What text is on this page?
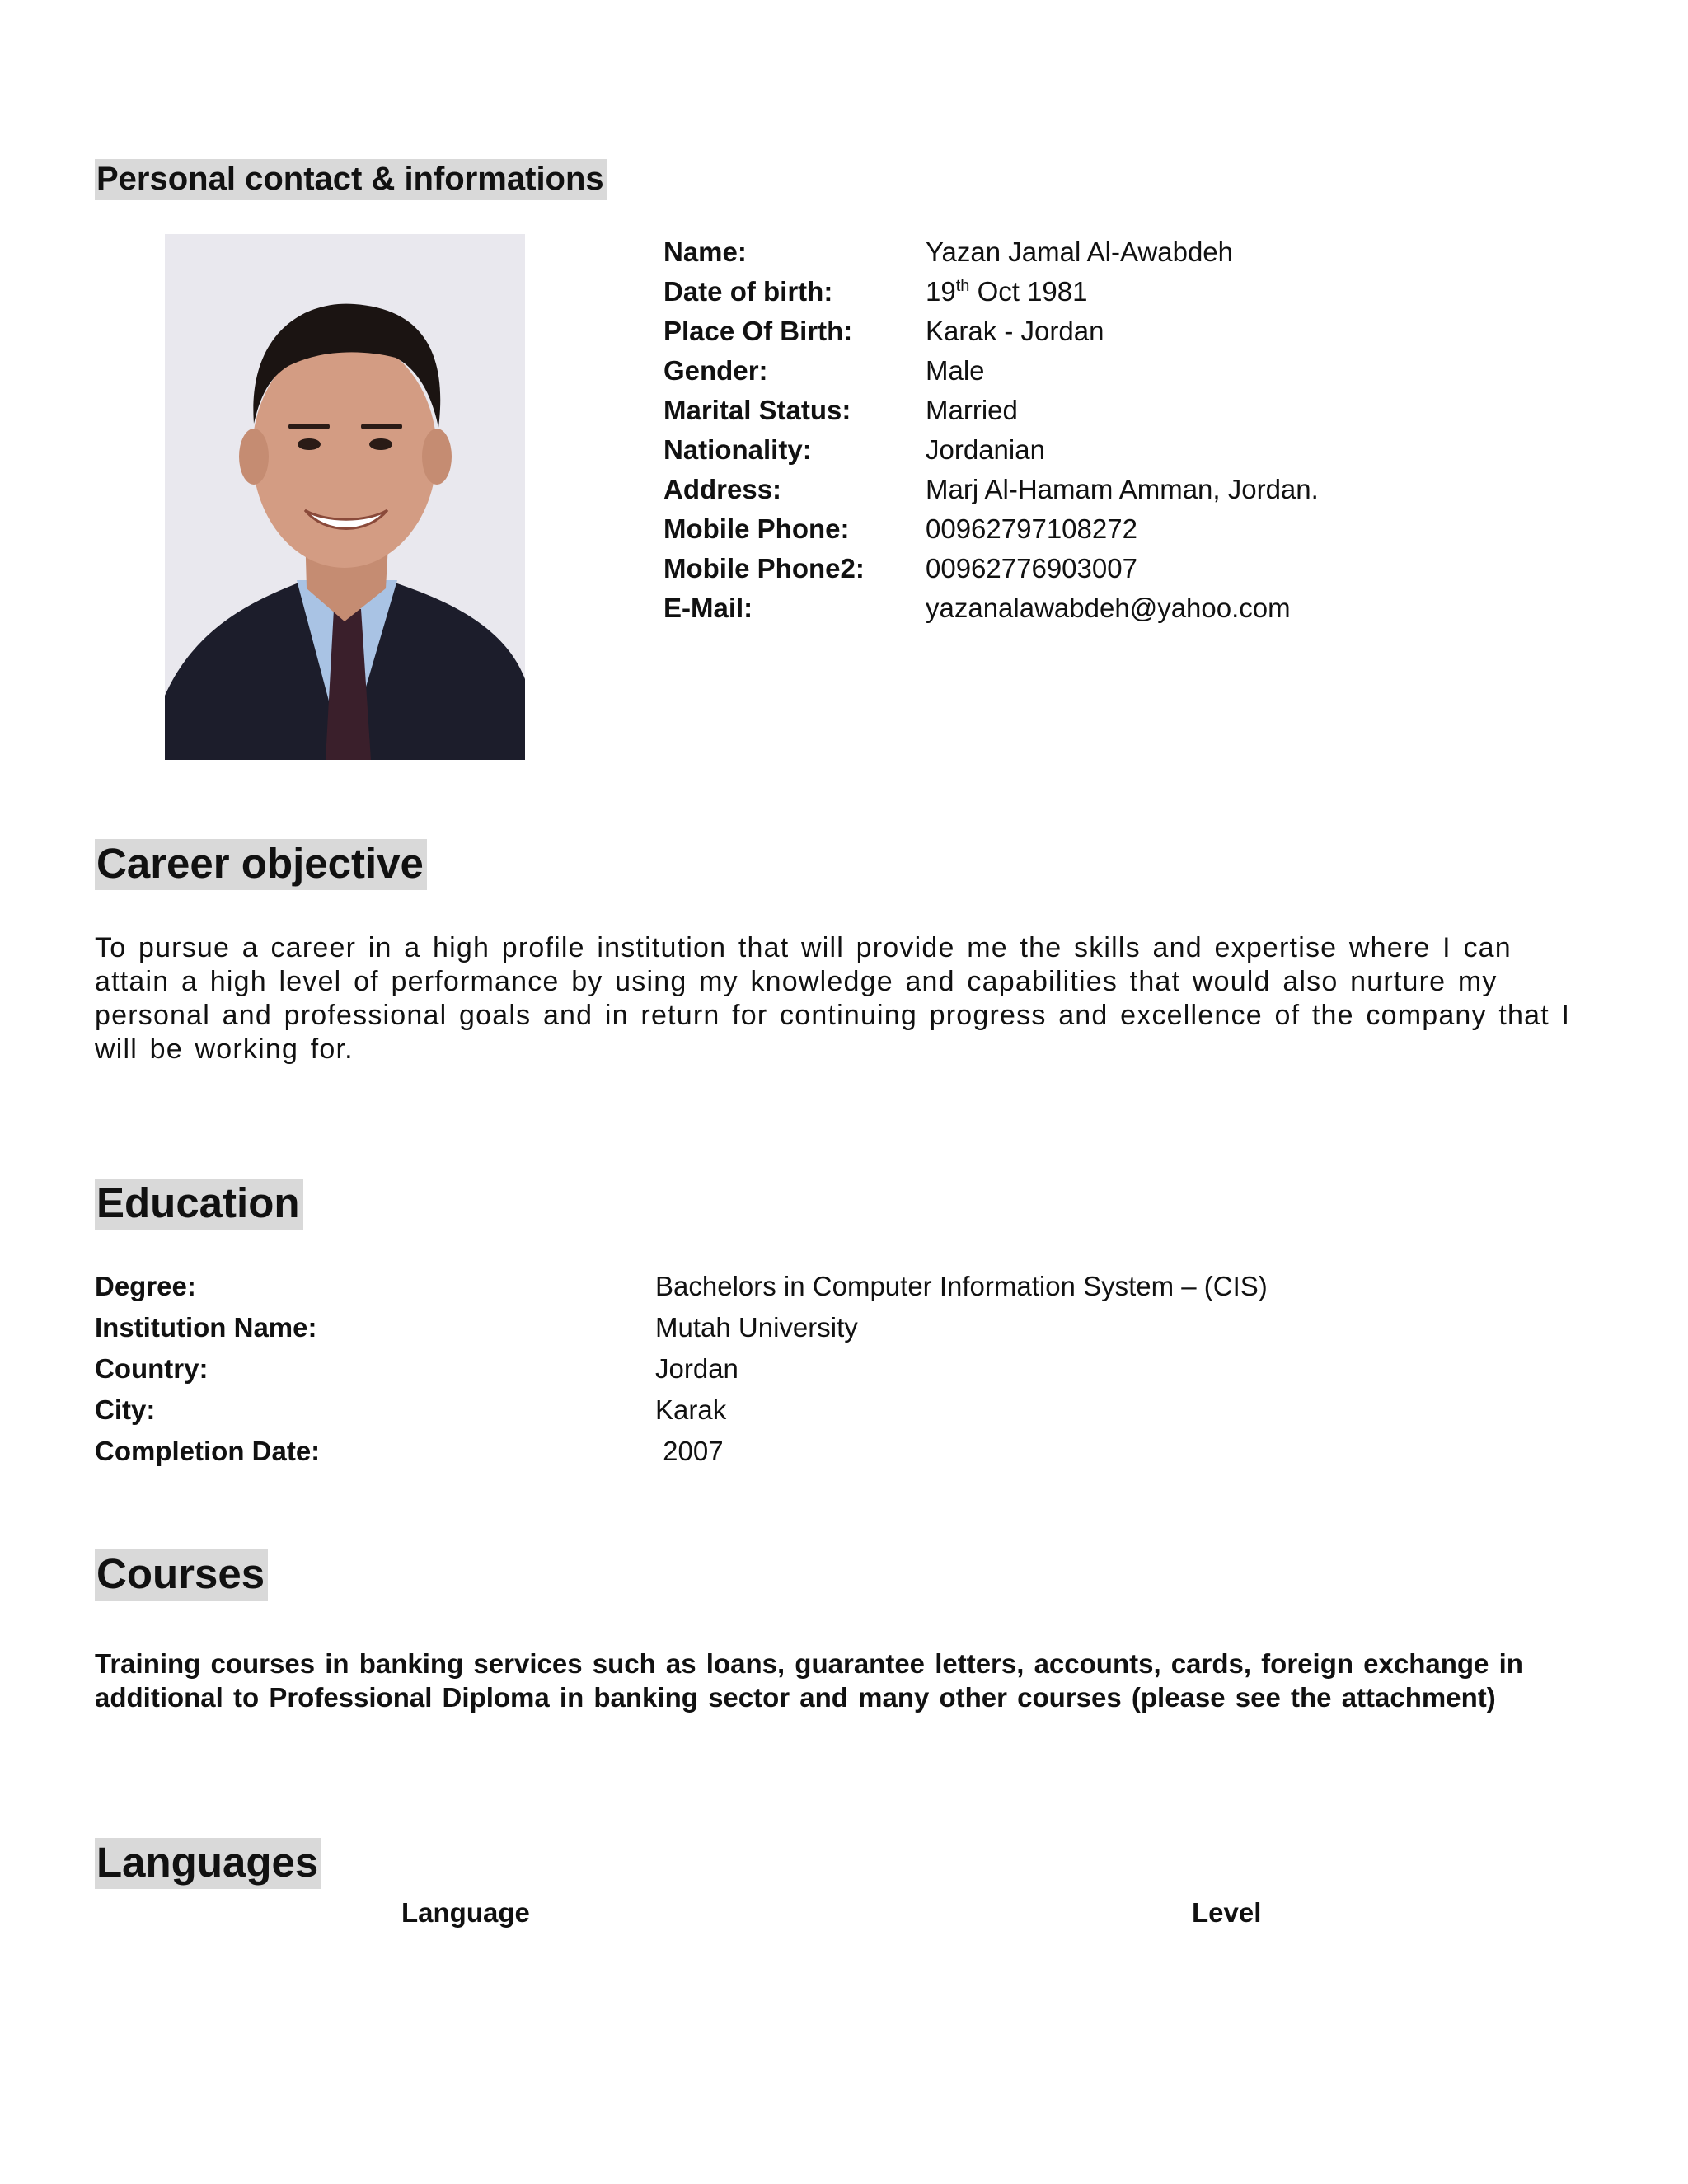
Personal contact & informations
Name:	Yazan Jamal Al-Awabdeh
Date of birth:	19th Oct 1981
Place Of Birth:	Karak - Jordan
Gender:	Male
Marital Status:	Married
Nationality:	Jordanian
Address:	Marj Al-Hamam Amman, Jordan.
Mobile Phone:	00962797108272
Mobile Phone2:	00962776903007
E-Mail:	yazanalawabdeh@yahoo.com
Career objective
To pursue a career in a high profile institution that will provide me the skills and expertise where I can attain a high level of performance by using my knowledge and capabilities that would also nurture my personal and professional goals and in return for continuing progress and excellence of the company that I will be working for.
Education
Degree:	Bachelors in Computer Information System – (CIS)
Institution Name:	Mutah University
Country:	Jordan
City:	Karak
Completion Date:	2007
Courses
Training courses in banking services such as loans, guarantee letters, accounts, cards, foreign exchange in additional to Professional Diploma in banking sector and many other courses (please see the attachment)
Languages
Language	Level
